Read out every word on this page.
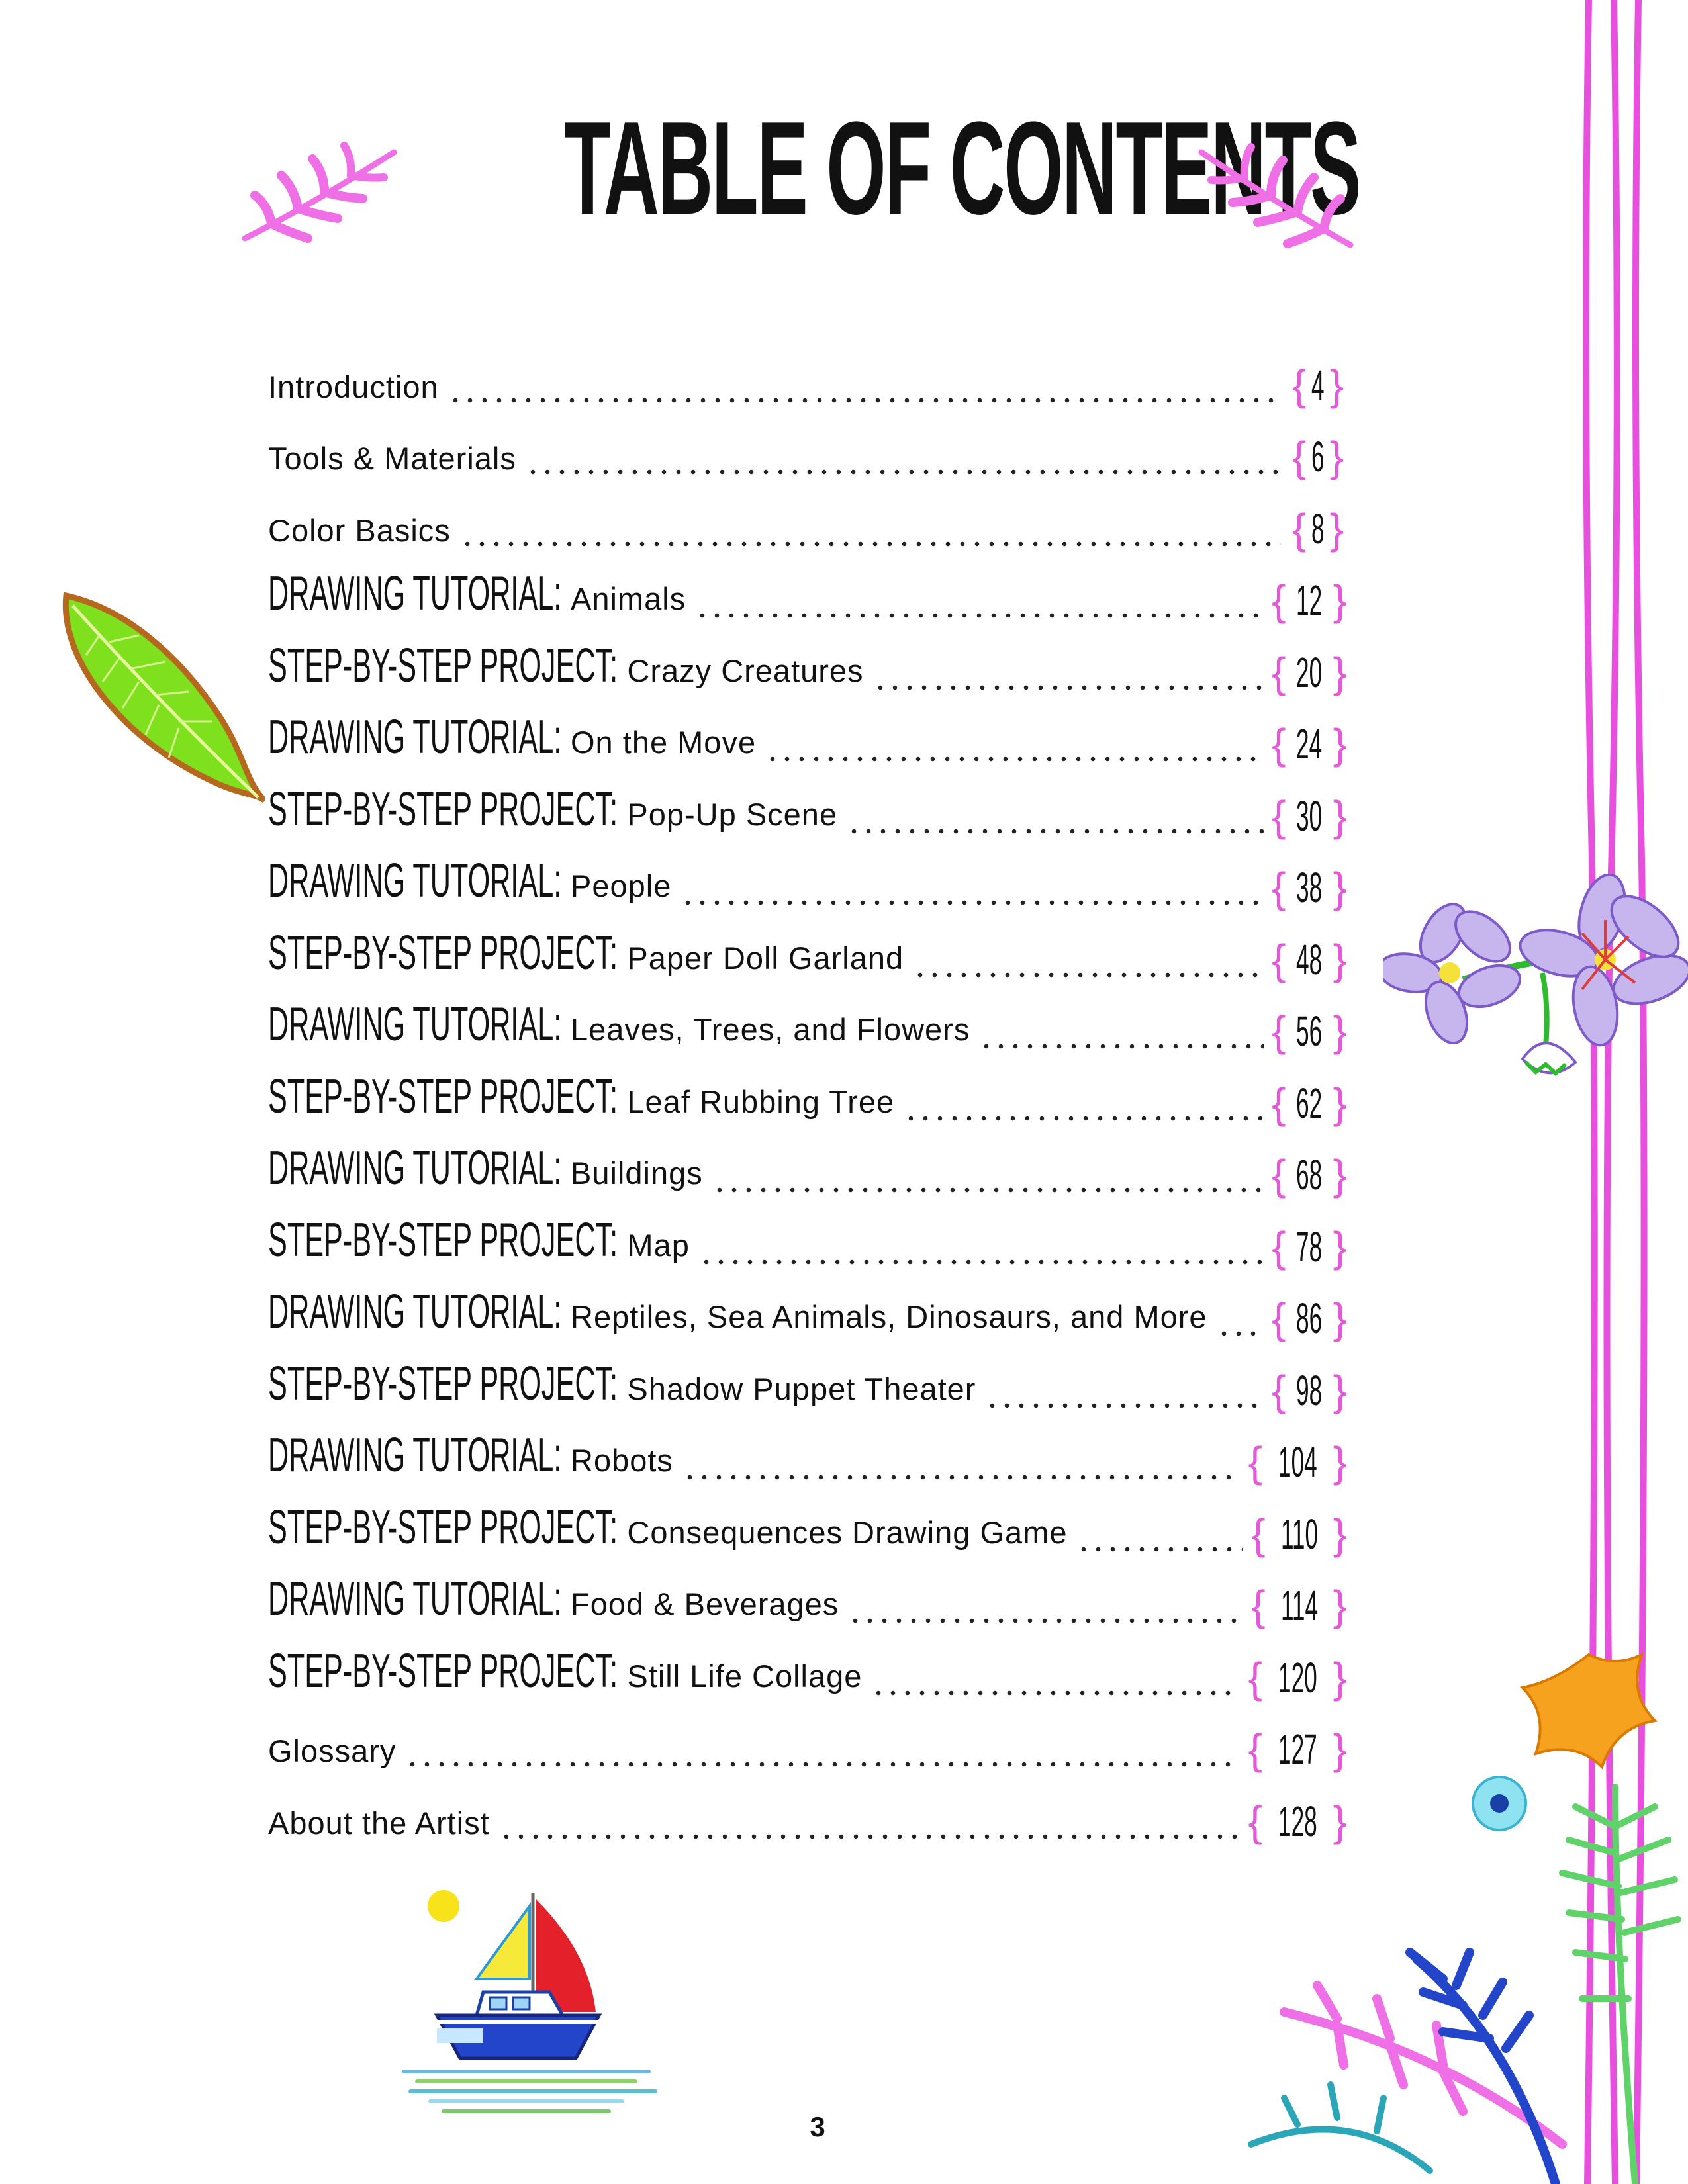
TABLE OF CONTENTS
Introduction	{ 4 }
Tools & Materials	{ 6 }
Color Basics	{ 8 }
DRAWING TUTORIAL: Animals	{ 12 }
STEP-BY-STEP PROJECT: Crazy Creatures	{ 20 }
DRAWING TUTORIAL: On the Move	{ 24 }
STEP-BY-STEP PROJECT: Pop-Up Scene	{ 30 }
DRAWING TUTORIAL: People	{ 38 }
STEP-BY-STEP PROJECT: Paper Doll Garland	{ 48 }
DRAWING TUTORIAL: Leaves, Trees, and Flowers	{ 56 }
STEP-BY-STEP PROJECT: Leaf Rubbing Tree	{ 62 }
DRAWING TUTORIAL: Buildings	{ 68 }
STEP-BY-STEP PROJECT: Map	{ 78 }
DRAWING TUTORIAL: Reptiles, Sea Animals, Dinosaurs, and More { 86 }
STEP-BY-STEP PROJECT: Shadow Puppet Theater	{ 98 }
DRAWING TUTORIAL: Robots	{ 104 }
STEP-BY-STEP PROJECT: Consequences Drawing Game	{ 110 }
DRAWING TUTORIAL: Food & Beverages	{ 114 }
STEP-BY-STEP PROJECT: Still Life Collage	{ 120 }
Glossary	{ 127 }
About the Artist	{ 128 }
3
